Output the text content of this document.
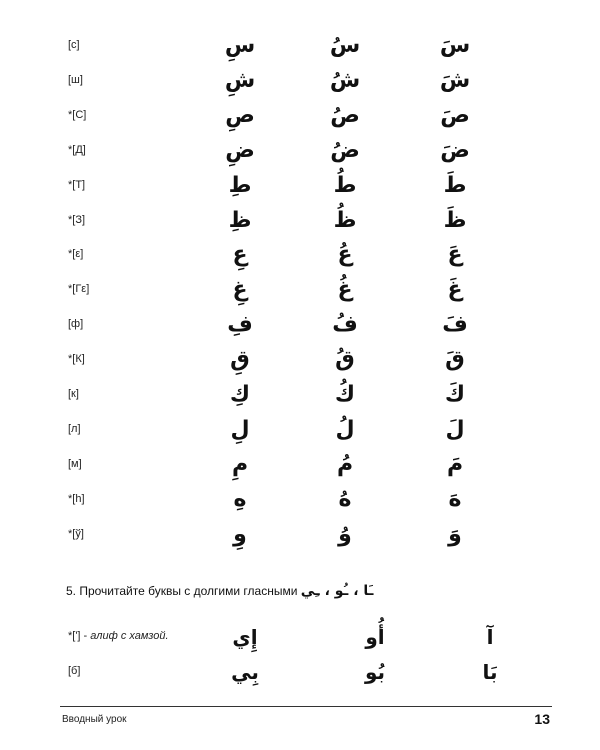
[с]	سِ	سُ	سَ
[ш]	شِ	شُ	شَ
*[С]	صِ	صُ	صَ
*[Д]	ضِ	ضُ	ضَ
*[Т]	طِ	طُ	طَ
*[З]	ظِ	ظُ	ظَ
*[ε]	عِ	عُ	عَ
*[Гε]	غِ	غُ	غَ
[ф]	فِ	فُ	فَ
*[К]	قِ	قُ	قَ
[к]	كِ	كُ	كَ
[л]	لِ	لُ	لَ
[м]	مِ	مُ	مَ
*[h]	هِ	هُ	هَ
*[ў]	وِ	وُ	وَ
5. Прочитайте буквы с долгими гласными ـَا ، ـُو ، ـِي
*['] - алиф с хамзой.	إِي	أُو	آ
[б]	بِي	بُو	بَا
Вводный урок	13
